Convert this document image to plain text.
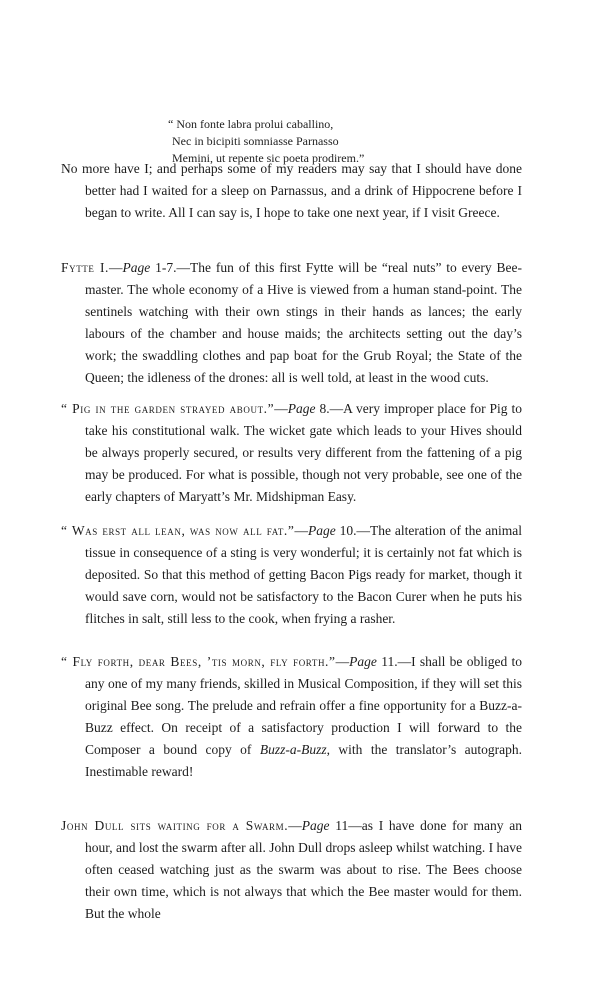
“ Non fonte labra prolui caballino,
Nec in bicipiti somniasse Parnasso
Memini, ut repente sic poeta prodirem.”

No more have I; and perhaps some of my readers may say that I should have done better had I waited for a sleep on Parnassus, and a drink of Hippocrene before I began to write. All I can say is, I hope to take one next year, if I visit Greece.

Fytte I.—Page 1-7.—The fun of this first Fytte will be “real nuts” to every Bee-master. The whole economy of a Hive is viewed from a human stand-point. The sentinels watching with their own stings in their hands as lances; the early labours of the chamber and house maids; the architects setting out the day’s work; the swaddling clothes and pap boat for the Grub Royal; the State of the Queen; the idleness of the drones: all is well told, at least in the wood cuts.

“ Pig in the garden strayed about.”—Page 8.—A very improper place for Pig to take his constitutional walk. The wicket gate which leads to your Hives should be always properly secured, or results very different from the fattening of a pig may be produced. For what is possible, though not very probable, see one of the early chapters of Maryatt’s Mr. Midshipman Easy.

“ Was erst all lean, was now all fat.”—Page 10.—The alteration of the animal tissue in consequence of a sting is very wonderful; it is certainly not fat which is deposited. So that this method of getting Bacon Pigs ready for market, though it would save corn, would not be satisfactory to the Bacon Curer when he puts his flitches in salt, still less to the cook, when frying a rasher.

“ Fly forth, dear Bees, ’tis morn, fly forth.”—Page 11.—I shall be obliged to any one of my many friends, skilled in Musical Composition, if they will set this original Bee song. The prelude and refrain offer a fine opportunity for a Buzz-a-Buzz effect. On receipt of a satisfactory production I will forward to the Composer a bound copy of Buzz-a-Buzz, with the translator’s autograph. Inestimable reward!

John Dull sits waiting for a Swarm.—Page 11—as I have done for many an hour, and lost the swarm after all. John Dull drops asleep whilst watching. I have often ceased watching just as the swarm was about to rise. The Bees choose their own time, which is not always that which the Bee master would for them. But the whole
